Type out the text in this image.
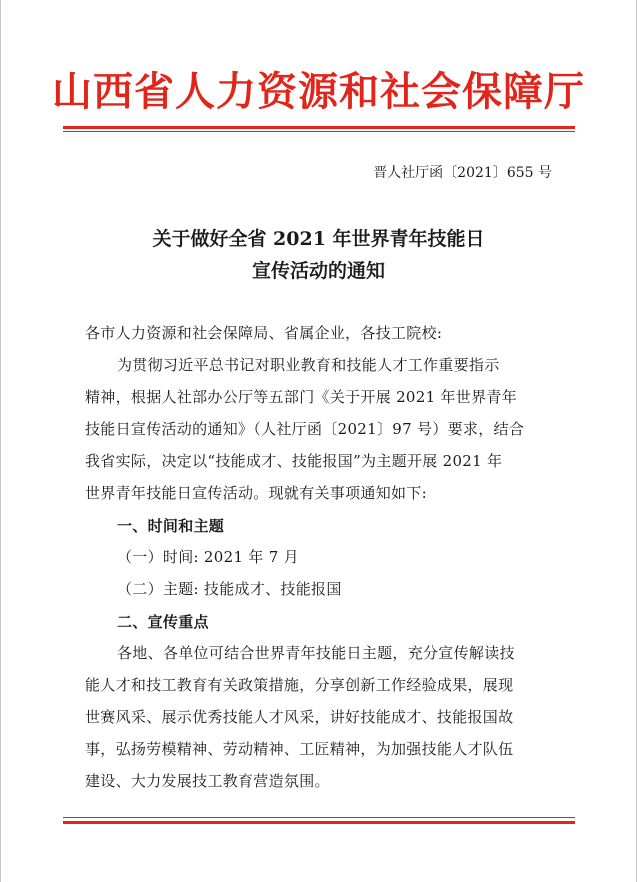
山西省人力资源和社会保障厅
晋人社厅函〔2021〕655 号
关于做好全省 2021 年世界青年技能日
宣传活动的通知
各市人力资源和社会保障局、省属企业，各技工院校:
为贯彻习近平总书记对职业教育和技能人才工作重要指示
精神，根据人社部办公厅等五部门《关于开展 2021 年世界青年
技能日宣传活动的通知》（人社厅函〔2021〕97 号）要求，结合
我省实际，决定以“技能成才、技能报国”为主题开展 2021 年
世界青年技能日宣传活动。现就有关事项通知如下:
一、时间和主题
（一）时间: 2021 年 7 月
（二）主题: 技能成才、技能报国
二、宣传重点
各地、各单位可结合世界青年技能日主题，充分宣传解读技
能人才和技工教育有关政策措施，分享创新工作经验成果，展现
世赛风采、展示优秀技能人才风采，讲好技能成才、技能报国故
事，弘扬劳模精神、劳动精神、工匠精神，为加强技能人才队伍
建设、大力发展技工教育营造氛围。
